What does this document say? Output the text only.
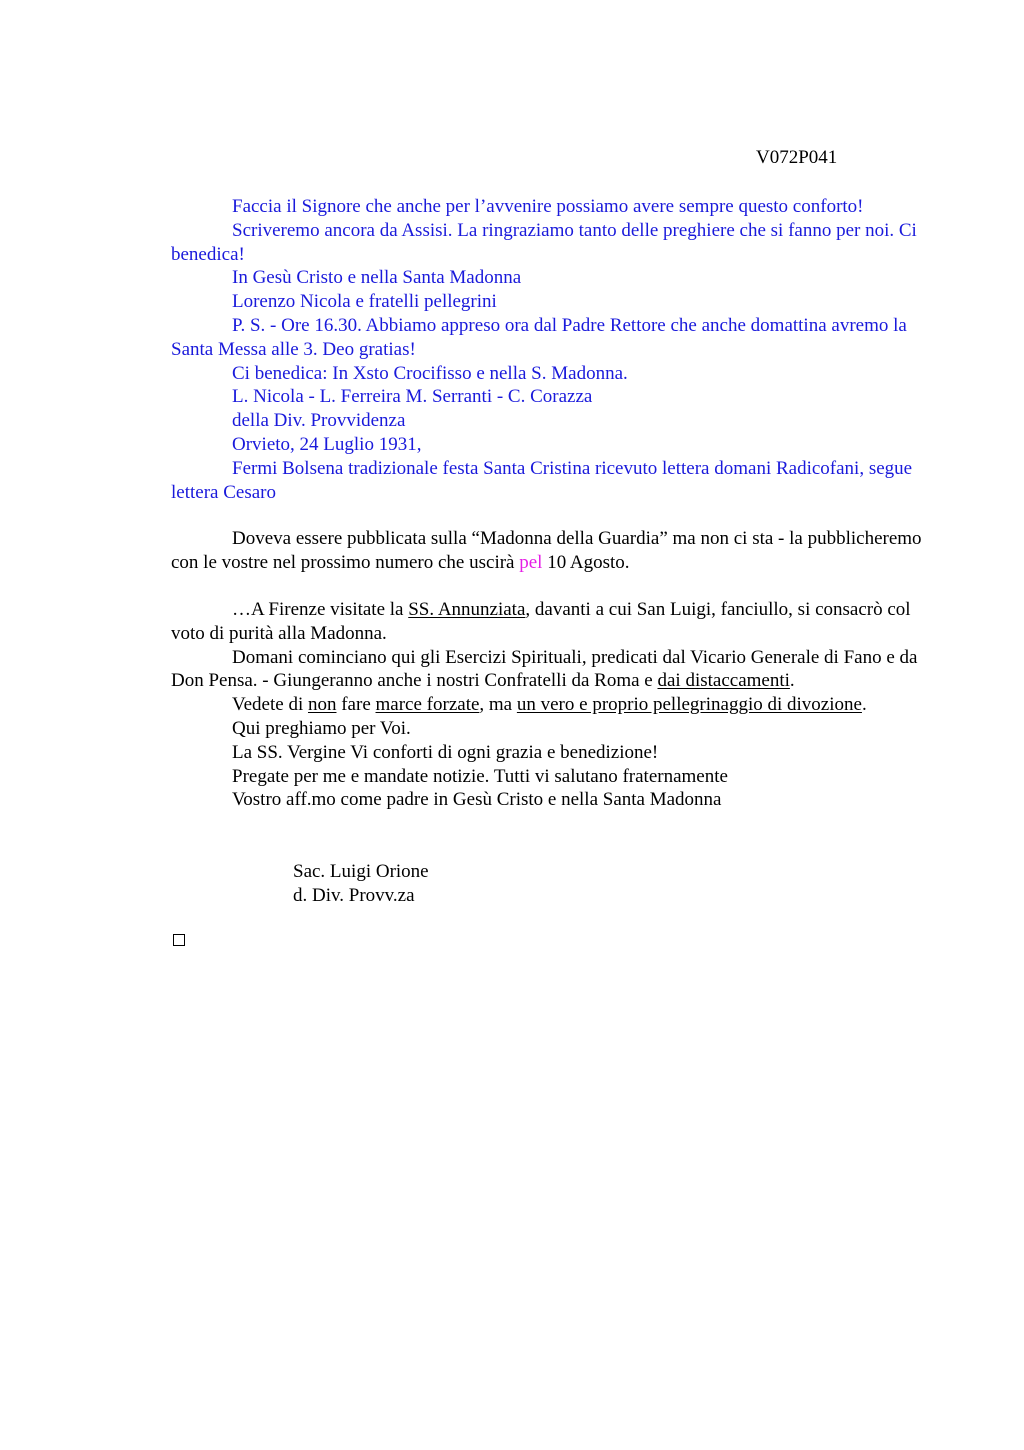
V072P041

Faccia il Signore che anche per l’avvenire possiamo avere sempre questo conforto!

Scriveremo ancora da Assisi. La ringraziamo tanto delle preghiere che si fanno per noi. Ci benedica!

In Gesù Cristo e nella Santa Madonna

Lorenzo Nicola e fratelli pellegrini

P. S. - Ore 16.30. Abbiamo appreso ora dal Padre Rettore che anche domattina avremo la Santa Messa alle 3. Deo gratias!

Ci benedica: In Xsto Crocifisso e nella S. Madonna.

L. Nicola - L. Ferreira M. Serranti - C. Corazza

della Div. Provvidenza

Orvieto, 24 Luglio 1931,

Fermi Bolsena tradizionale festa Santa Cristina ricevuto lettera domani Radicofani, segue lettera Cesaro

Doveva essere pubblicata sulla “Madonna della Guardia” ma non ci sta - la pubblicheremo con le vostre nel prossimo numero che uscirà pel 10 Agosto.

…A Firenze visitate la SS. Annunziata, davanti a cui San Luigi, fanciullo, si consacrò col voto di purità alla Madonna.

Domani cominciano qui gli Esercizi Spirituali, predicati dal Vicario Generale di Fano e da Don Pensa. - Giungeranno anche i nostri Confratelli da Roma e dai distaccamenti.

Vedete di non fare marce forzate, ma un vero e proprio pellegrinaggio di divozione.

Qui preghiamo per Voi.

La SS. Vergine Vi conforti di ogni grazia e benedizione!

Pregate per me e mandate notizie. Tutti vi salutano fraternamente

Vostro aff.mo come padre in Gesù Cristo e nella Santa Madonna

Sac. Luigi Orione

d. Div. Provv.za
